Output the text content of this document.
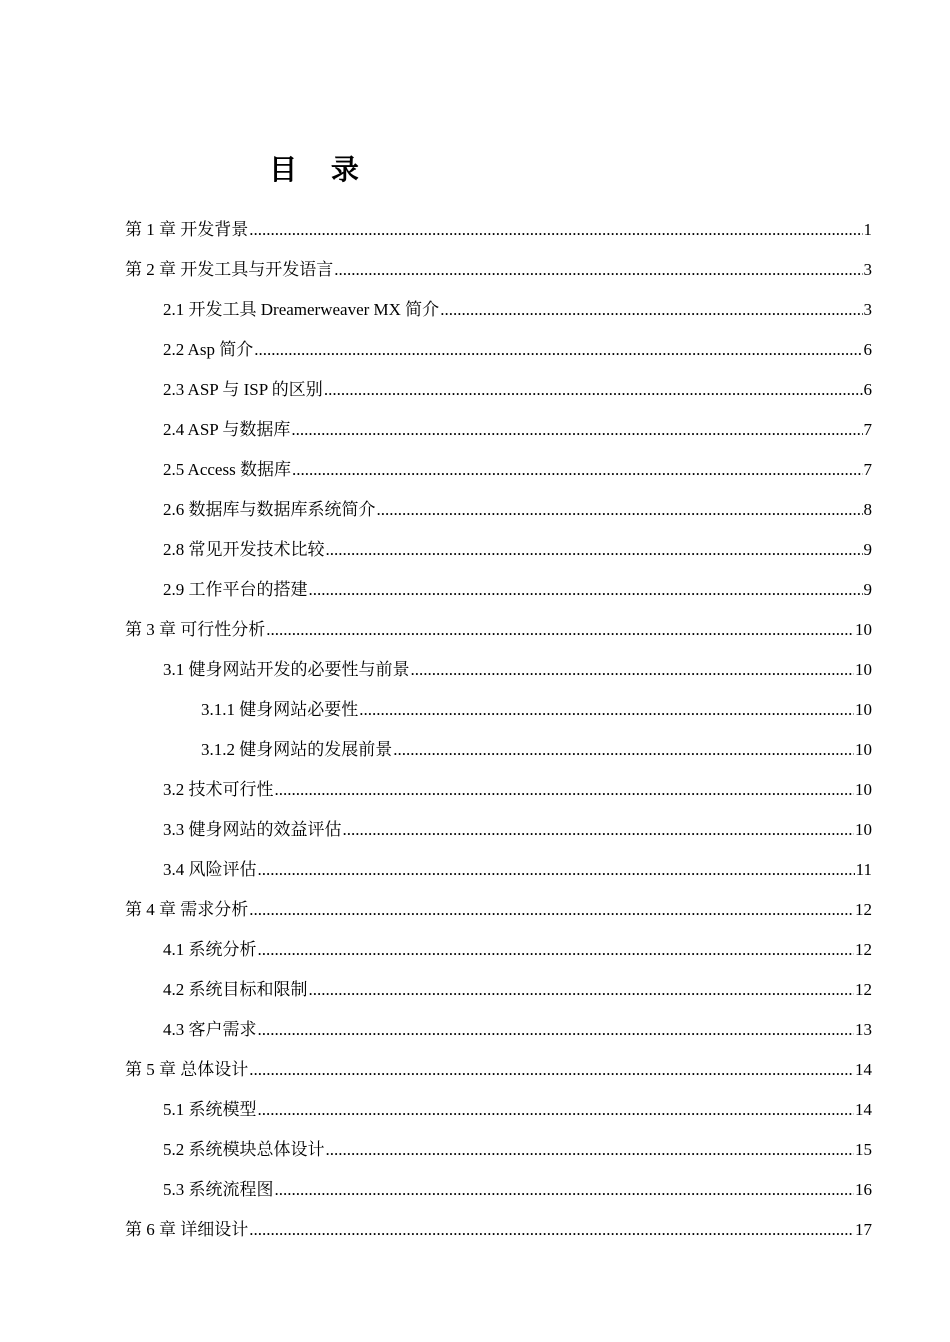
目 录
第 1 章 开发背景 .....	1
第 2 章 开发工具与开发语言 .....	3
2.1 开发工具 Dreamerweaver MX 简介 .....	3
2.2 Asp 简介 .....	6
2.3 ASP 与 ISP 的区别 .....	6
2.4 ASP 与数据库 .....	7
2.5 Access 数据库 .....	7
2.6 数据库与数据库系统简介 .....	8
2.8 常见开发技术比较 .....	9
2.9 工作平台的搭建 .....	9
第 3 章 可行性分析 .....	10
3.1 健身网站开发的必要性与前景 .....	10
3.1.1 健身网站必要性 .....	10
3.1.2 健身网站的发展前景 .....	10
3.2 技术可行性 .....	10
3.3 健身网站的效益评估 .....	10
3.4 风险评估 .....	11
第 4 章 需求分析 .....	12
4.1 系统分析 .....	12
4.2 系统目标和限制 .....	12
4.3 客户需求 .....	13
第 5 章 总体设计 .....	14
5.1 系统模型 .....	14
5.2 系统模块总体设计 .....	15
5.3 系统流程图 .....	16
第 6 章 详细设计 .....	17
